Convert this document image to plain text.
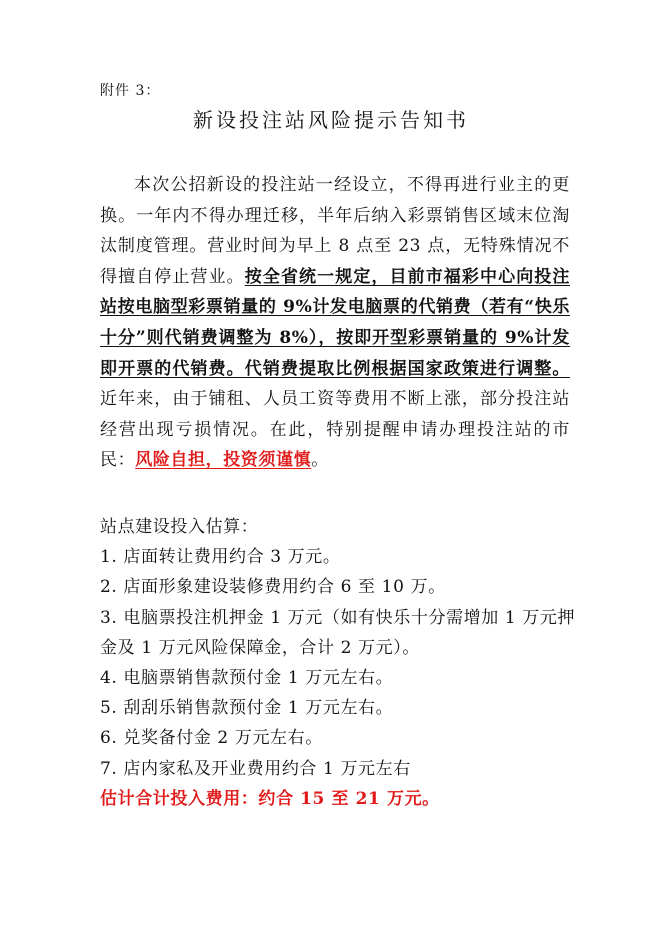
附件 3：
新设投注站风险提示告知书

本次公招新设的投注站一经设立，不得再进行业主的更换。一年内不得办理迁移，半年后纳入彩票销售区域末位淘汰制度管理。营业时间为早上 8 点至 23 点，无特殊情况不得擅自停止营业。按全省统一规定，目前市福彩中心向投注站按电脑型彩票销量的 9%计发电脑票的代销费（若有“快乐十分”则代销费调整为 8%），按即开型彩票销量的 9%计发即开票的代销费。代销费提取比例根据国家政策进行调整。近年来，由于铺租、人员工资等费用不断上涨，部分投注站经营出现亏损情况。在此，特别提醒申请办理投注站的市民：风险自担，投资须谨慎。

站点建设投入估算：
1. 店面转让费用约合 3 万元。
2. 店面形象建设装修费用约合 6 至 10 万。
3. 电脑票投注机押金 1 万元（如有快乐十分需增加 1 万元押金及 1 万元风险保障金，合计 2 万元）。
4. 电脑票销售款预付金 1 万元左右。
5. 刮刮乐销售款预付金 1 万元左右。
6. 兑奖备付金 2 万元左右。
7. 店内家私及开业费用约合 1 万元左右
估计合计投入费用：约合 15 至 21 万元。
